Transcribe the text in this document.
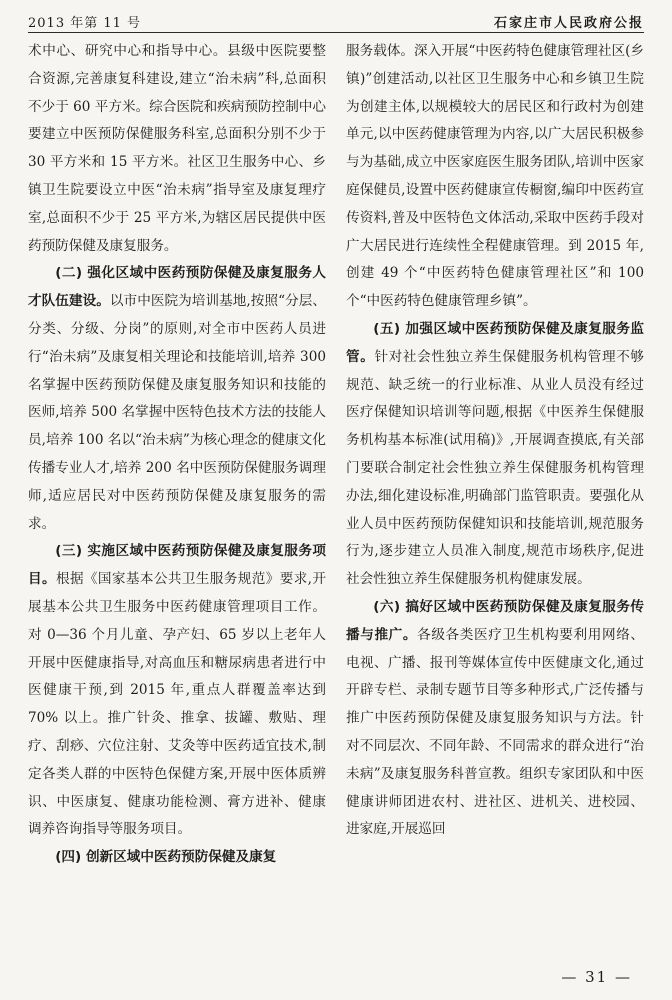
2013 年第 11 号	石家庄市人民政府公报

术中心、研究中心和指导中心。县级中医院要整合资源,完善康复科建设,建立“治未病”科,总面积不少于 60 平方米。综合医院和疾病预防控制中心要建立中医预防保健服务科室,总面积分别不少于 30 平方米和 15 平方米。社区卫生服务中心、乡镇卫生院要设立中医“治未病”指导室及康复理疗室,总面积不少于 25 平方米,为辖区居民提供中医药预防保健及康复服务。

(二) 强化区域中医药预防保健及康复服务人才队伍建设。以市中医院为培训基地,按照“分层、分类、分级、分岗”的原则,对全市中医药人员进行“治未病”及康复相关理论和技能培训,培养 300 名掌握中医药预防保健及康复服务知识和技能的医师,培养 500 名掌握中医特色技术方法的技能人员,培养 100 名以“治未病”为核心理念的健康文化传播专业人才,培养 200 名中医预防保健服务调理师,适应居民对中医药预防保健及康复服务的需求。

(三) 实施区域中医药预防保健及康复服务项目。根据《国家基本公共卫生服务规范》要求,开展基本公共卫生服务中医药健康管理项目工作。对 0—36 个月儿童、孕产妇、65 岁以上老年人开展中医健康指导,对高血压和糖尿病患者进行中医健康干预,到 2015 年,重点人群覆盖率达到 70% 以上。推广针灸、推拿、拔罐、敷贴、理疗、刮痧、穴位注射、艾灸等中医药适宜技术,制定各类人群的中医特色保健方案,开展中医体质辨识、中医康复、健康功能检测、膏方进补、健康调养咨询指导等服务项目。

(四) 创新区域中医药预防保健及康复

服务载体。深入开展“中医药特色健康管理社区(乡镇)”创建活动,以社区卫生服务中心和乡镇卫生院为创建主体,以规模较大的居民区和行政村为创建单元,以中医药健康管理为内容,以广大居民积极参与为基础,成立中医家庭医生服务团队,培训中医家庭保健员,设置中医药健康宣传橱窗,编印中医药宣传资料,普及中医特色文体活动,采取中医药手段对广大居民进行连续性全程健康管理。到 2015 年,创建 49 个“中医药特色健康管理社区”和 100 个“中医药特色健康管理乡镇”。

(五) 加强区域中医药预防保健及康复服务监管。针对社会性独立养生保健服务机构管理不够规范、缺乏统一的行业标准、从业人员没有经过医疗保健知识培训等问题,根据《中医养生保健服务机构基本标准(试用稿)》,开展调查摸底,有关部门要联合制定社会性独立养生保健服务机构管理办法,细化建设标准,明确部门监管职责。要强化从业人员中医药预防保健知识和技能培训,规范服务行为,逐步建立人员准入制度,规范市场秩序,促进社会性独立养生保健服务机构健康发展。

(六) 搞好区域中医药预防保健及康复服务传播与推广。各级各类医疗卫生机构要利用网络、电视、广播、报刊等媒体宣传中医健康文化,通过开辟专栏、录制专题节目等多种形式,广泛传播与推广中医药预防保健及康复服务知识与方法。针对不同层次、不同年龄、不同需求的群众进行“治未病”及康复服务科普宣教。组织专家团队和中医健康讲师团进农村、进社区、进机关、进校园、进家庭,开展巡回

— 31 —
